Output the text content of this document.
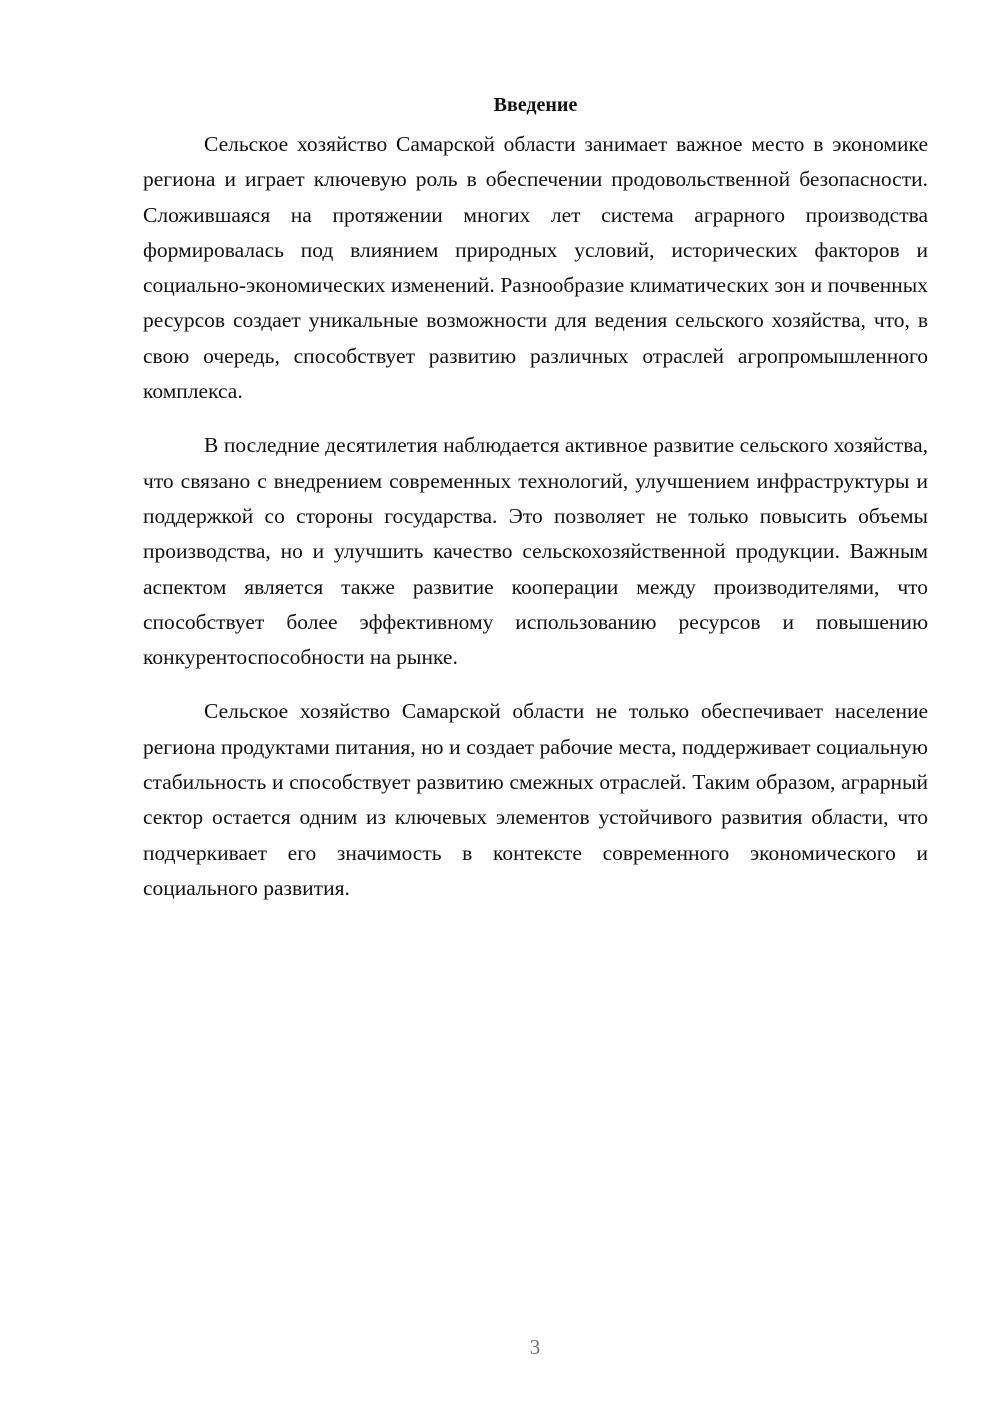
Введение

Сельское хозяйство Самарской области занимает важное место в экономике региона и играет ключевую роль в обеспечении продовольственной безопасности. Сложившаяся на протяжении многих лет система аграрного производства формировалась под влиянием природных условий, исторических факторов и социально-экономических изменений. Разнообразие климатических зон и почвенных ресурсов создает уникальные возможности для ведения сельского хозяйства, что, в свою очередь, способствует развитию различных отраслей агропромышленного комплекса.

В последние десятилетия наблюдается активное развитие сельского хозяйства, что связано с внедрением современных технологий, улучшением инфраструктуры и поддержкой со стороны государства. Это позволяет не только повысить объемы производства, но и улучшить качество сельскохозяйственной продукции. Важным аспектом является также развитие кооперации между производителями, что способствует более эффективному использованию ресурсов и повышению конкурентоспособности на рынке.

Сельское хозяйство Самарской области не только обеспечивает население региона продуктами питания, но и создает рабочие места, поддерживает социальную стабильность и способствует развитию смежных отраслей. Таким образом, аграрный сектор остается одним из ключевых элементов устойчивого развития области, что подчеркивает его значимость в контексте современного экономического и социального развития.

3
